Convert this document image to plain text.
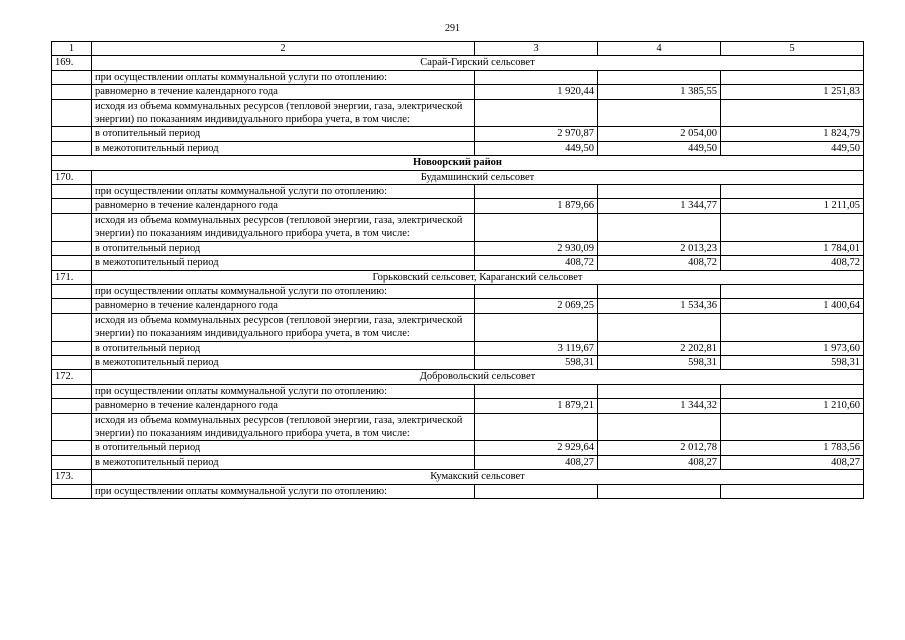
291
1	2	3	4	5
169.	Сарай-Гирский сельсовет			
	при осуществлении оплаты коммунальной услуги по отоплению:			
	равномерно в течение календарного года	1 920,44	1 385,55	1 251,83
	исходя из объема коммунальных ресурсов (тепловой энергии, газа, электрической энергии) по показаниям индивидуального прибора учета, в том числе:			
	в отопительный период	2 970,87	2 054,00	1 824,79
	в межотопительный период	449,50	449,50	449,50
Новоорский район				
170.	Будамшинский сельсовет			
	при осуществлении оплаты коммунальной услуги по отоплению:			
	равномерно в течение календарного года	1 879,66	1 344,77	1 211,05
	исходя из объема коммунальных ресурсов (тепловой энергии, газа, электрической энергии) по показаниям индивидуального прибора учета, в том числе:			
	в отопительный период	2 930,09	2 013,23	1 784,01
	в межотопительный период	408,72	408,72	408,72
171.	Горьковский сельсовет, Караганский сельсовет			
	при осуществлении оплаты коммунальной услуги по отоплению:			
	равномерно в течение календарного года	2 069,25	1 534,36	1 400,64
	исходя из объема коммунальных ресурсов (тепловой энергии, газа, электрической энергии) по показаниям индивидуального прибора учета, в том числе:			
	в отопительный период	3 119,67	2 202,81	1 973,60
	в межотопительный период	598,31	598,31	598,31
172.	Добровольский сельсовет			
	при осуществлении оплаты коммунальной услуги по отоплению:			
	равномерно в течение календарного года	1 879,21	1 344,32	1 210,60
	исходя из объема коммунальных ресурсов (тепловой энергии, газа, электрической энергии) по показаниям индивидуального прибора учета, в том числе:			
	в отопительный период	2 929,64	2 012,78	1 783,56
	в межотопительный период	408,27	408,27	408,27
173.	Кумакский сельсовет			
	при осуществлении оплаты коммунальной услуги по отоплению:			
